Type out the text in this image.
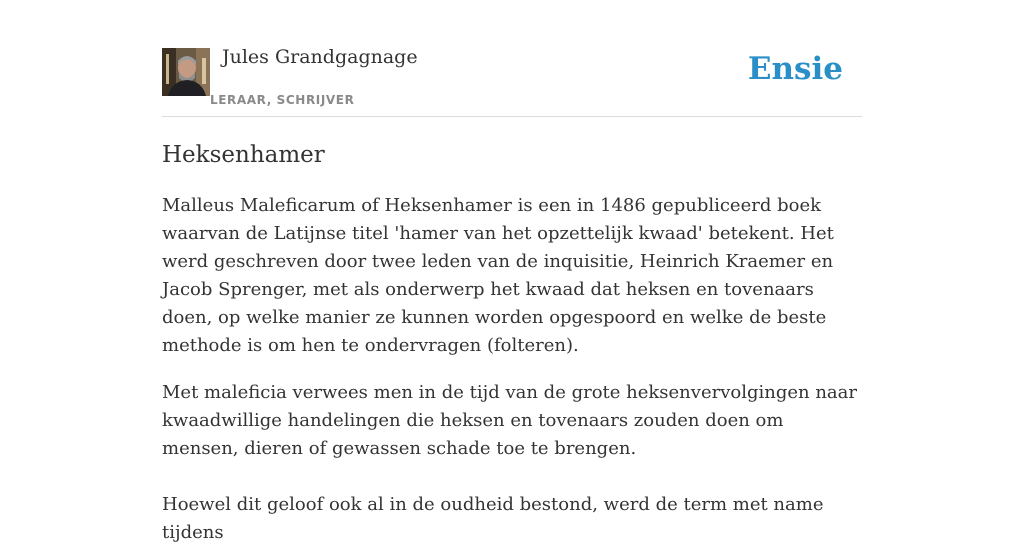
Jules Grandgagnage
LERAAR, SCHRIJVER
Ensie
Heksenhamer

Malleus Maleficarum of Heksenhamer is een in 1486 gepubliceerd boek waarvan de Latijnse titel 'hamer van het opzettelijk kwaad' betekent. Het werd geschreven door twee leden van de inquisitie, Heinrich Kraemer en Jacob Sprenger, met als onderwerp het kwaad dat heksen en tovenaars doen, op welke manier ze kunnen worden opgespoord en welke de beste methode is om hen te ondervragen (folteren).

Met maleficia verwees men in de tijd van de grote heksenvervolgingen naar kwaadwillige handelingen die heksen en tovenaars zouden doen om mensen, dieren of gewassen schade toe te brengen.

Hoewel dit geloof ook al in de oudheid bestond, werd de term met name tijdens
